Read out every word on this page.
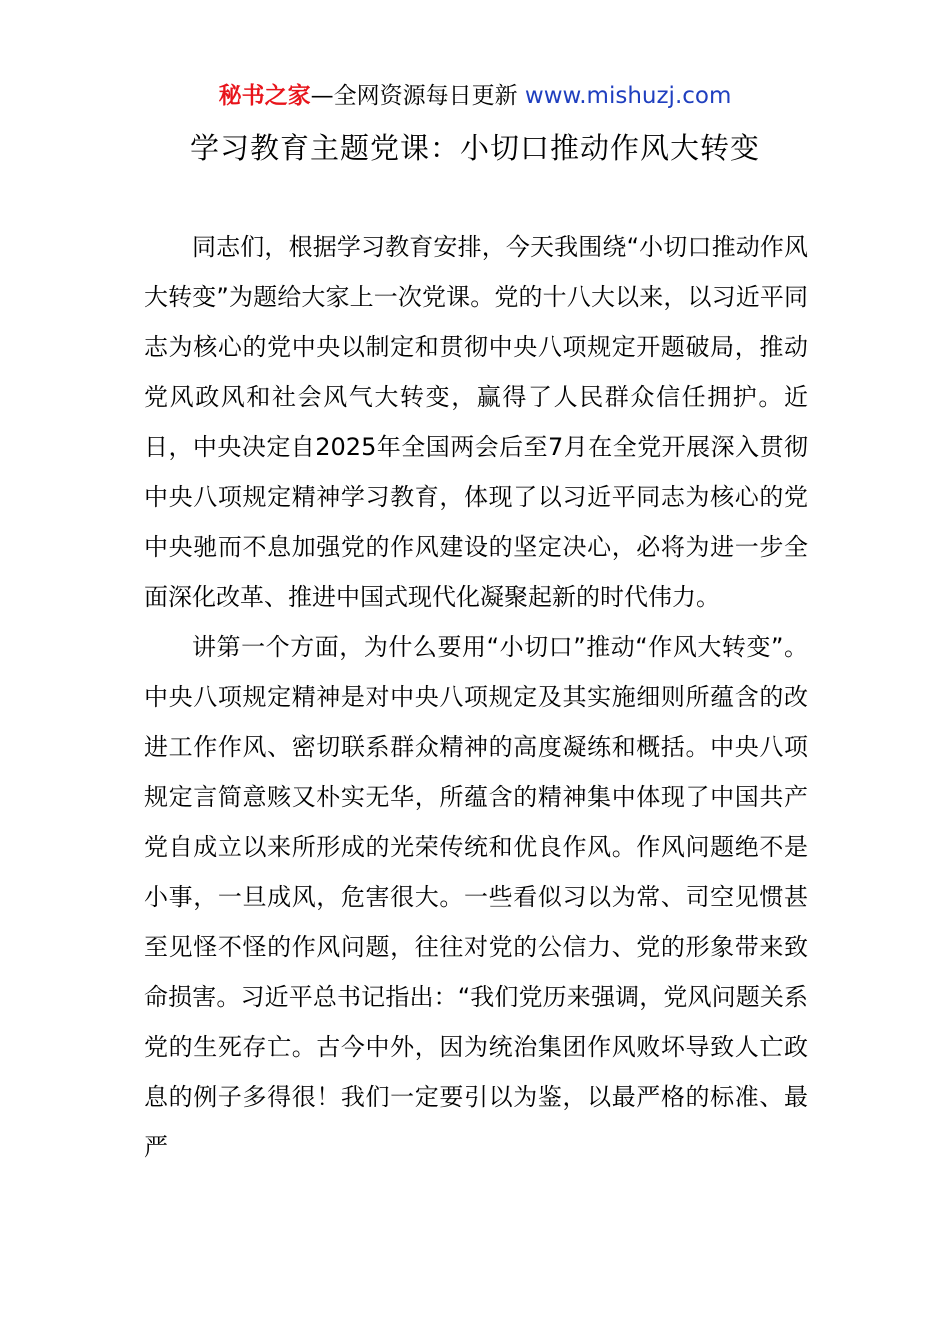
秘书之家—全网资源每日更新 www.mishuzj.com
学习教育主题党课：小切口推动作风大转变

同志们，根据学习教育安排，今天我围绕“小切口推动作风大转变”为题给大家上一次党课。党的十八大以来，以习近平同志为核心的党中央以制定和贯彻中央八项规定开题破局，推动党风政风和社会风气大转变，赢得了人民群众信任拥护。近日，中央决定自2025年全国两会后至7月在全党开展深入贯彻中央八项规定精神学习教育，体现了以习近平同志为核心的党中央驰而不息加强党的作风建设的坚定决心，必将为进一步全面深化改革、推进中国式现代化凝聚起新的时代伟力。

讲第一个方面，为什么要用“小切口”推动“作风大转变”。中央八项规定精神是对中央八项规定及其实施细则所蕴含的改进工作作风、密切联系群众精神的高度凝练和概括。中央八项规定言简意赅又朴实无华，所蕴含的精神集中体现了中国共产党自成立以来所形成的光荣传统和优良作风。作风问题绝不是小事，一旦成风，危害很大。一些看似习以为常、司空见惯甚至见怪不怪的作风问题，往往对党的公信力、党的形象带来致命损害。习近平总书记指出：“我们党历来强调，党风问题关系党的生死存亡。古今中外，因为统治集团作风败坏导致人亡政息的例子多得很！我们一定要引以为鉴，以最严格的标准、最严
